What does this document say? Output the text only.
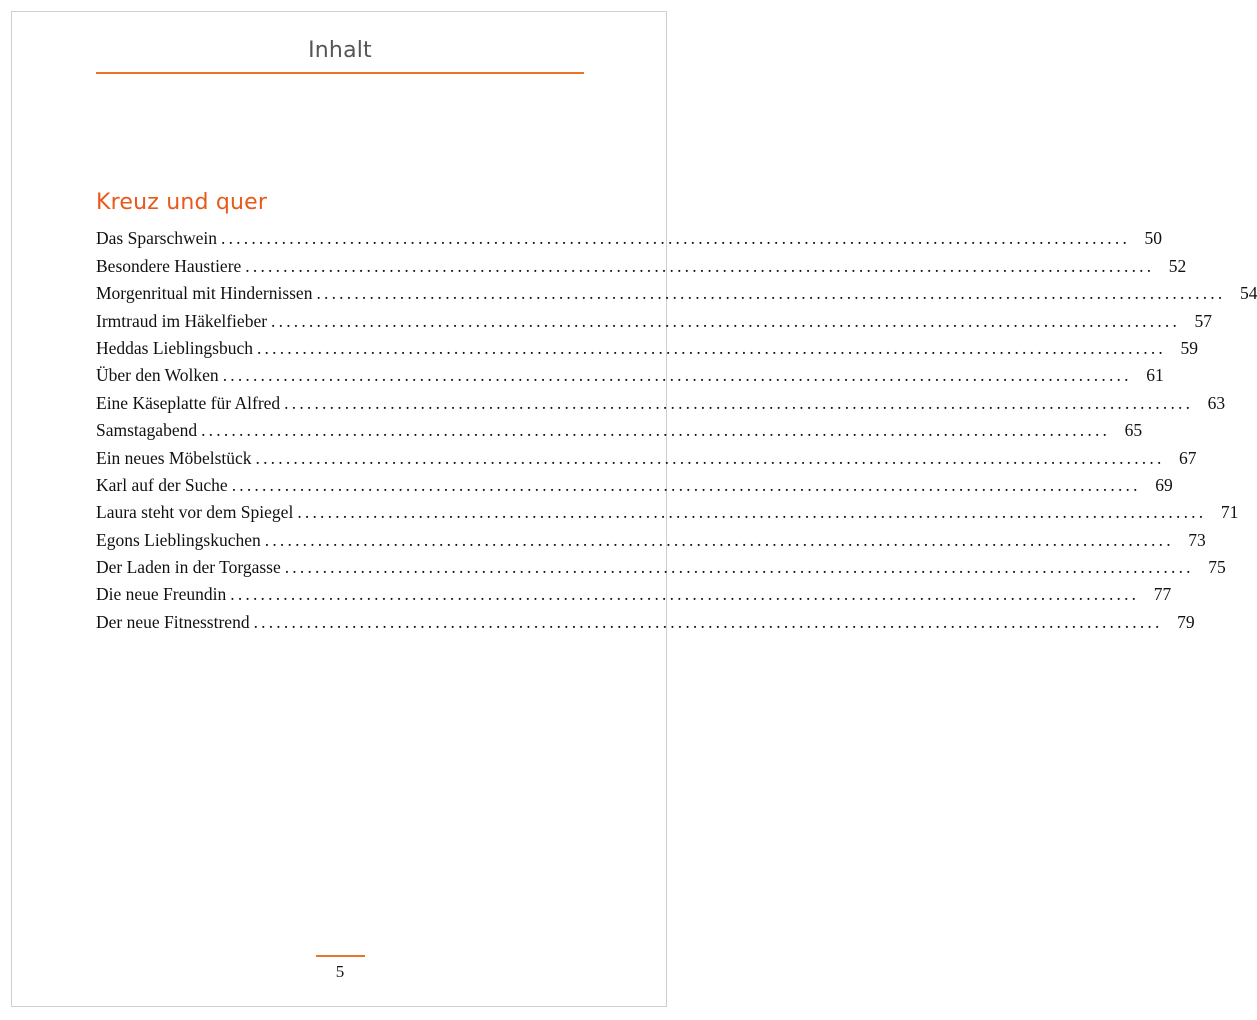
Inhalt
Kreuz und quer
Das Sparschwein ........................................................................................................................ 50
Besondere Haustiere ........................................................................................................................ 52
Morgenritual mit Hindernissen ........................................................................................................................ 54
Irmtraud im Häkelfieber ........................................................................................................................ 57
Heddas Lieblingsbuch ........................................................................................................................ 59
Über den Wolken ........................................................................................................................ 61
Eine Käseplatte für Alfred ........................................................................................................................ 63
Samstagabend ........................................................................................................................ 65
Ein neues Möbelstück ........................................................................................................................ 67
Karl auf der Suche ........................................................................................................................ 69
Laura steht vor dem Spiegel ........................................................................................................................ 71
Egons Lieblingskuchen ........................................................................................................................ 73
Der Laden in der Torgasse ........................................................................................................................ 75
Die neue Freundin ........................................................................................................................ 77
Der neue Fitnesstrend ........................................................................................................................ 79
5
